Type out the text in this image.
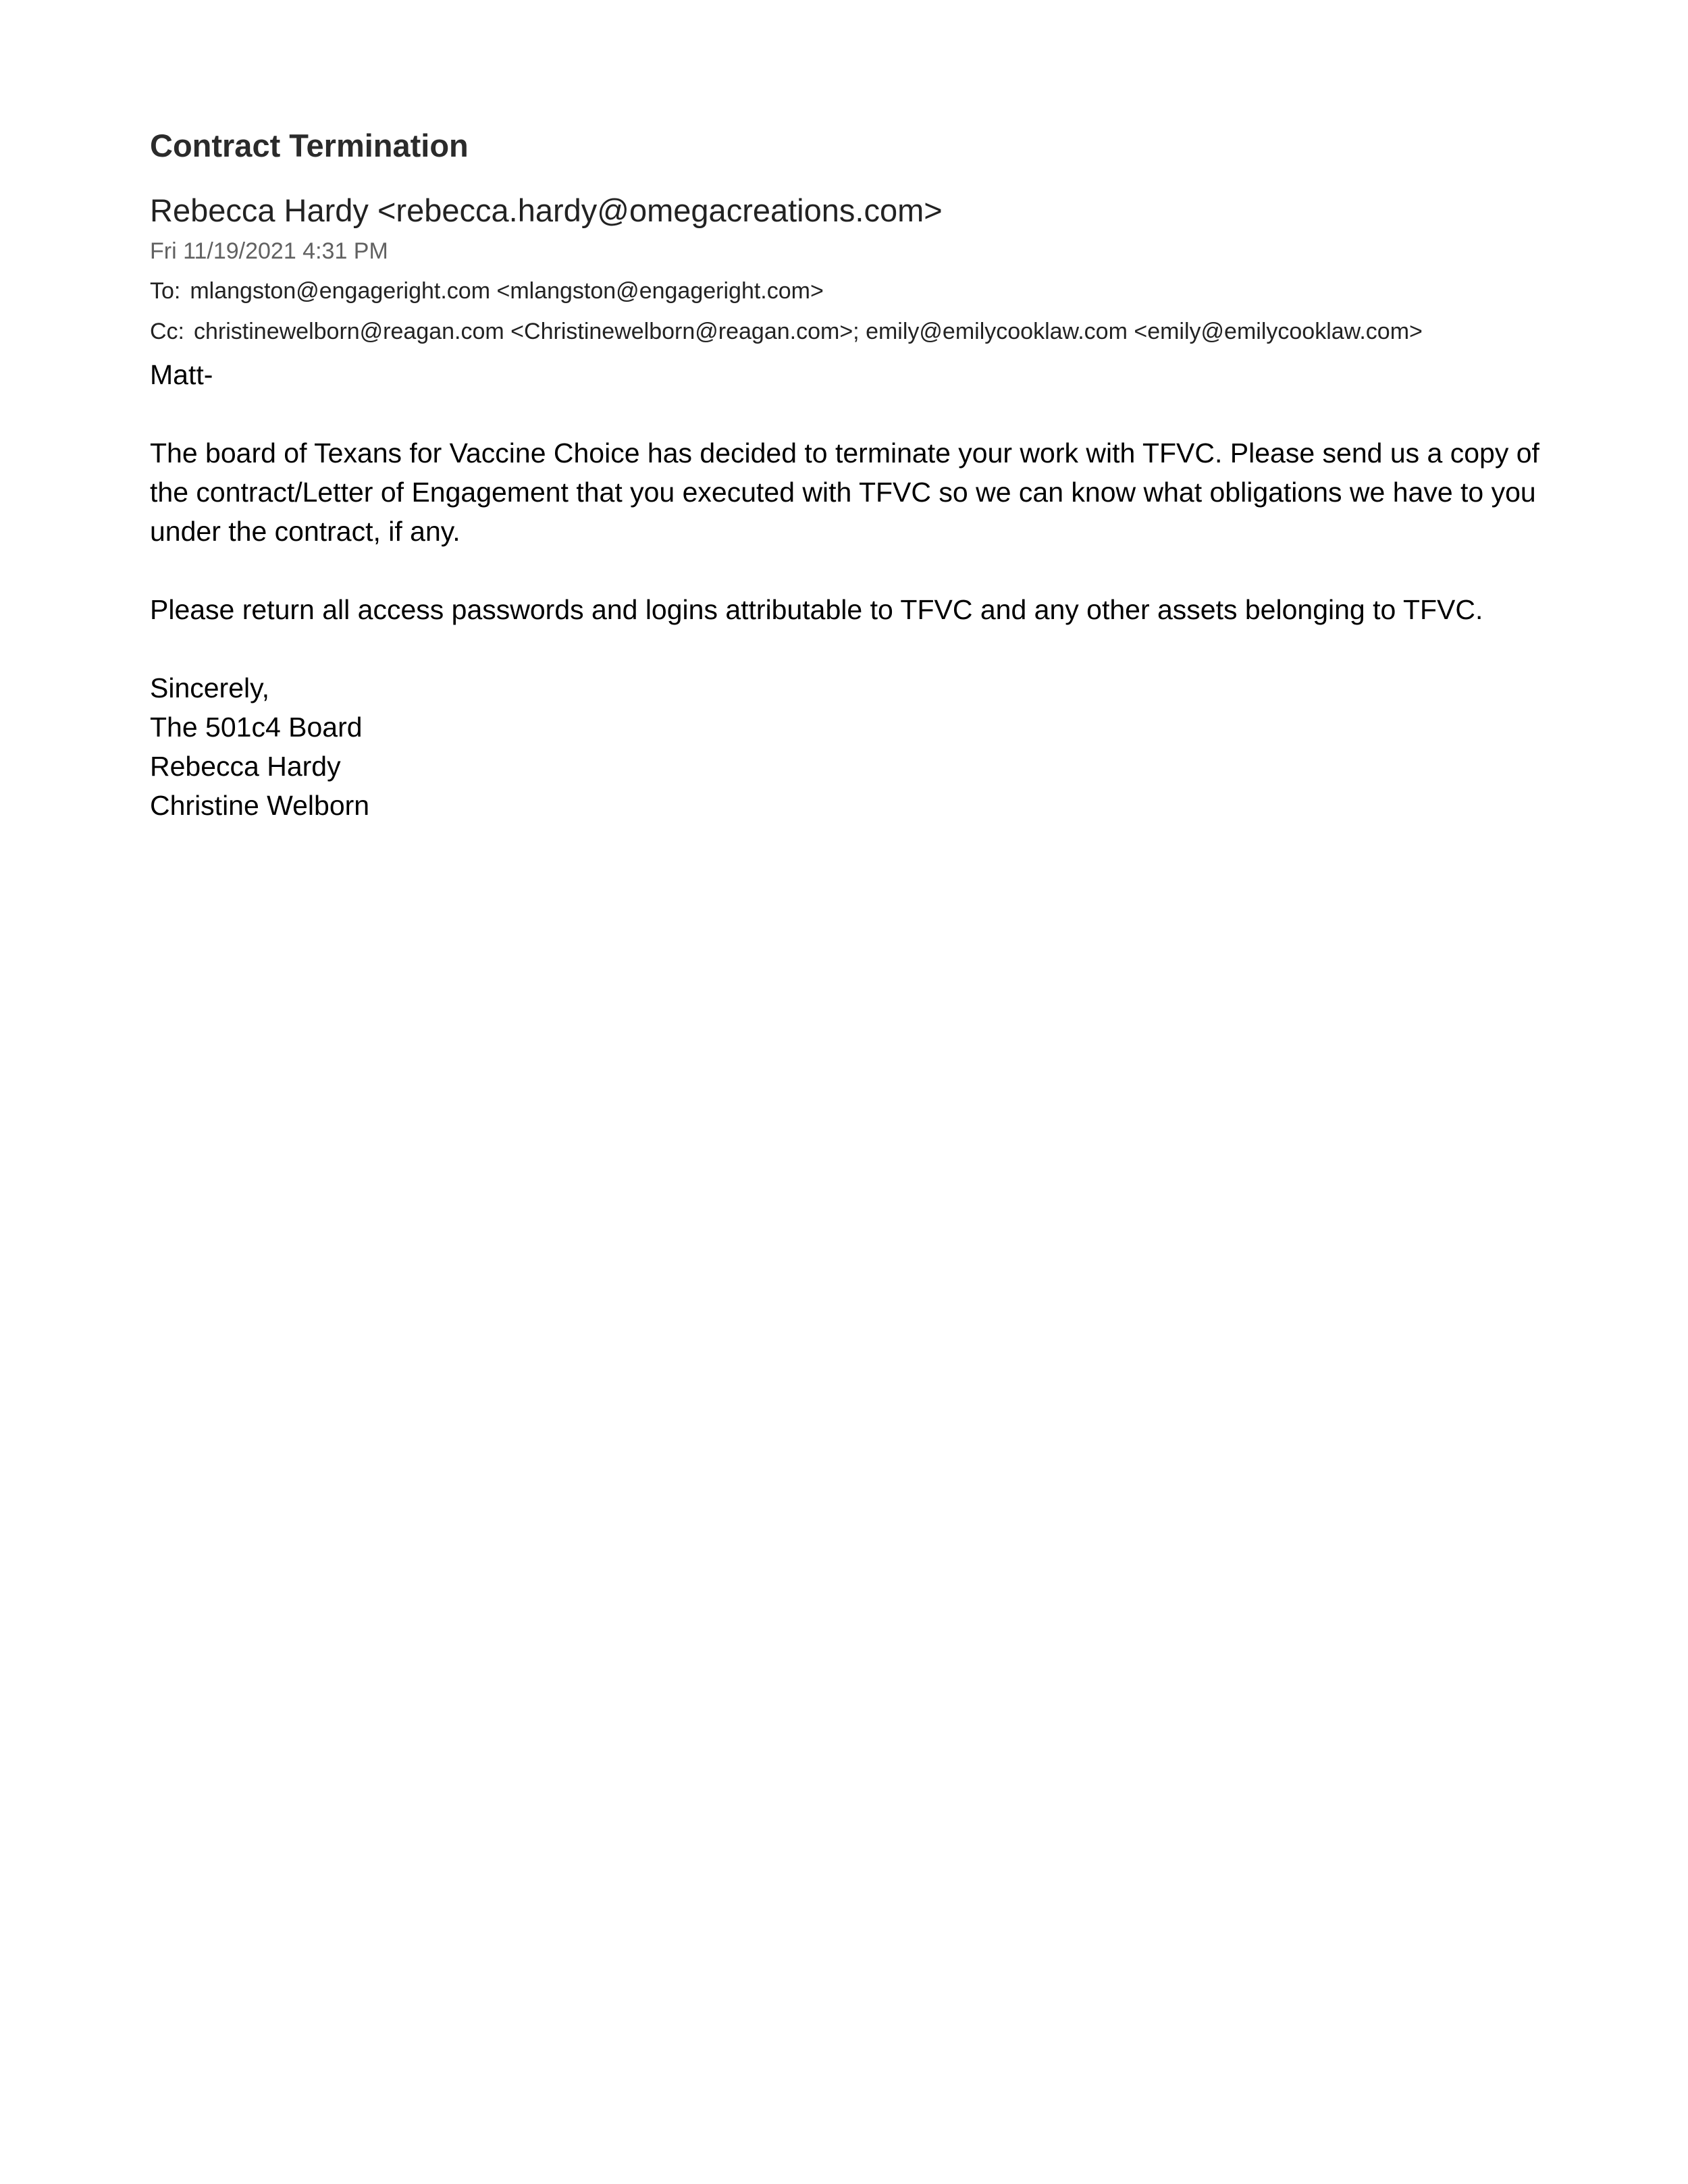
Contract Termination
Rebecca Hardy <rebecca.hardy@omegacreations.com>
Fri 11/19/2021 4:31 PM
To: mlangston@engageright.com <mlangston@engageright.com>
Cc: christinewelborn@reagan.com <Christinewelborn@reagan.com>; emily@emilycooklaw.com <emily@emilycooklaw.com>

Matt-

The board of Texans for Vaccine Choice has decided to terminate your work with TFVC. Please send us a copy of the contract/Letter of Engagement that you executed with TFVC so we can know what obligations we have to you under the contract, if any.

Please return all access passwords and logins attributable to TFVC and any other assets belonging to TFVC.

Sincerely,

The 501c4 Board

Rebecca Hardy

Christine Welborn
